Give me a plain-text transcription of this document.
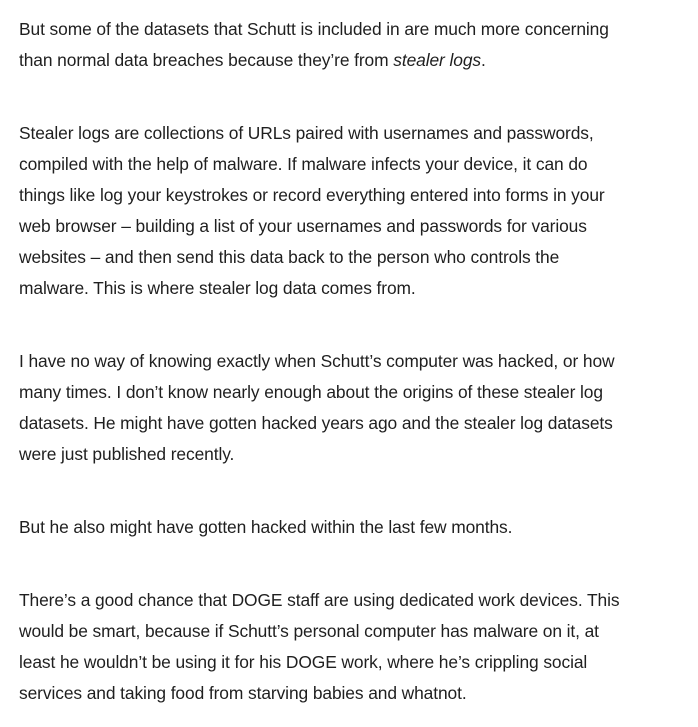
But some of the datasets that Schutt is included in are much more concerning
than normal data breaches because they’re from stealer logs.

Stealer logs are collections of URLs paired with usernames and passwords,
compiled with the help of malware. If malware infects your device, it can do
things like log your keystrokes or record everything entered into forms in your
web browser – building a list of your usernames and passwords for various
websites – and then send this data back to the person who controls the
malware. This is where stealer log data comes from.

I have no way of knowing exactly when Schutt’s computer was hacked, or how
many times. I don’t know nearly enough about the origins of these stealer log
datasets. He might have gotten hacked years ago and the stealer log datasets
were just published recently.

But he also might have gotten hacked within the last few months.

There’s a good chance that DOGE staff are using dedicated work devices. This
would be smart, because if Schutt’s personal computer has malware on it, at
least he wouldn’t be using it for his DOGE work, where he’s crippling social
services and taking food from starving babies and whatnot.
